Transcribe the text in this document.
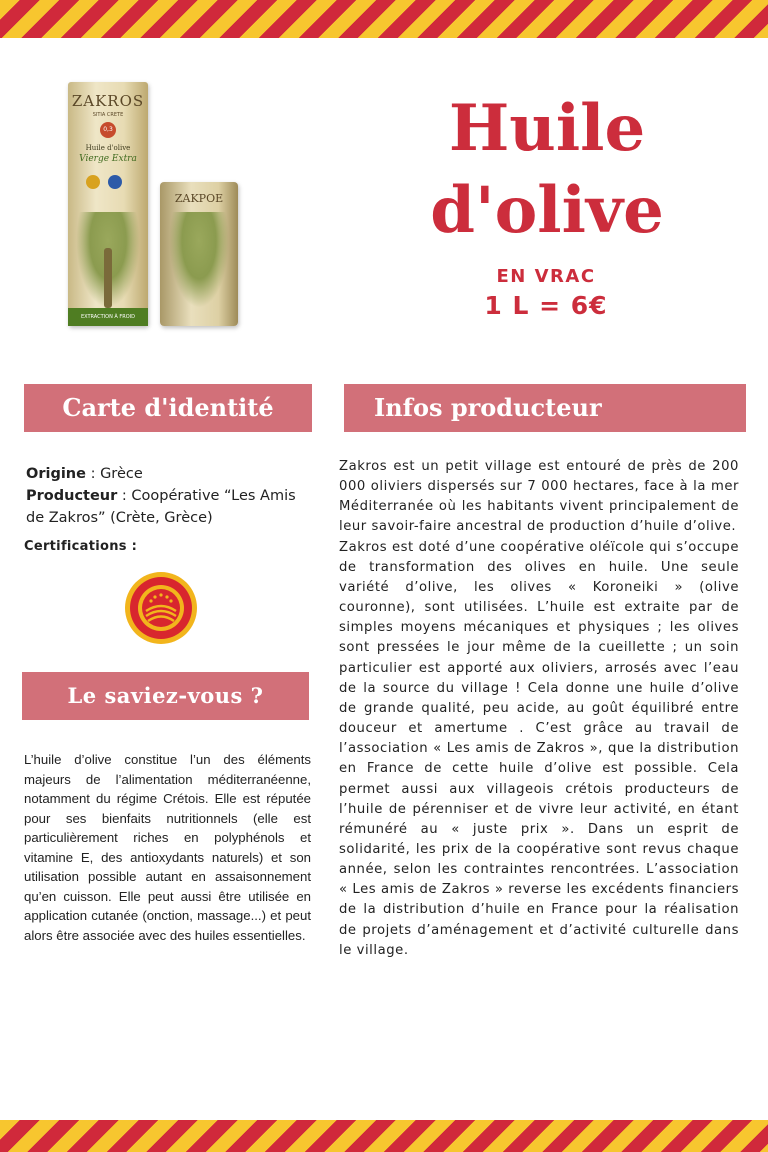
ZAKROS
SITIA CRETE
0,3
Huile d'olive
Vierge Extra
EXTRACTION À FROID
ZAKPOE
Huile
d'olive
EN VRAC
1 L = 6€
Carte d'identité	Infos producteur
Origine : Grèce
Producteur : Coopérative “Les Amis de Zakros” (Crète, Grèce)
Certifications :
Le saviez-vous ?

L’huile d’olive constitue l’un des éléments majeurs de l’alimentation méditerranéenne, notamment du régime Crétois. Elle est réputée pour ses bienfaits nutritionnels (elle est particulièrement riches en polyphénols et vitamine E, des antioxydants naturels) et son utilisation possible autant en assaisonnement qu’en cuisson. Elle peut aussi être utilisée en application cutanée (onction, massage...) et peut alors être associée avec des huiles essentielles.

Zakros est un petit village est entouré de près de 200 000 oliviers dispersés sur 7 000 hectares, face à la mer Méditerranée où les habitants vivent principalement de leur savoir-faire ancestral de production d’huile d’olive.

Zakros est doté d’une coopérative oléïcole qui s’occupe de transformation des olives en huile. Une seule variété d’olive, les olives « Koroneiki » (olive couronne), sont utilisées. L’huile est extraite par de simples moyens mécaniques et physiques ; les olives sont pressées le jour même de la cueillette ; un soin particulier est apporté aux oliviers, arrosés avec l’eau de la source du village ! Cela donne une huile d’olive de grande qualité, peu acide, au goût équilibré entre douceur et amertume . C’est grâce au travail de l’association « Les amis de Zakros », que la distribution en France de cette huile d’olive est possible. Cela permet aussi aux villageois crétois producteurs de l’huile de pérenniser et de vivre leur activité, en étant rémunéré au « juste prix ». Dans un esprit de solidarité, les prix de la coopérative sont revus chaque année, selon les contraintes rencontrées. L’association « Les amis de Zakros » reverse les excédents financiers de la distribution d’huile en France pour la réalisation de projets d’aménagement et d’activité culturelle dans le village.
